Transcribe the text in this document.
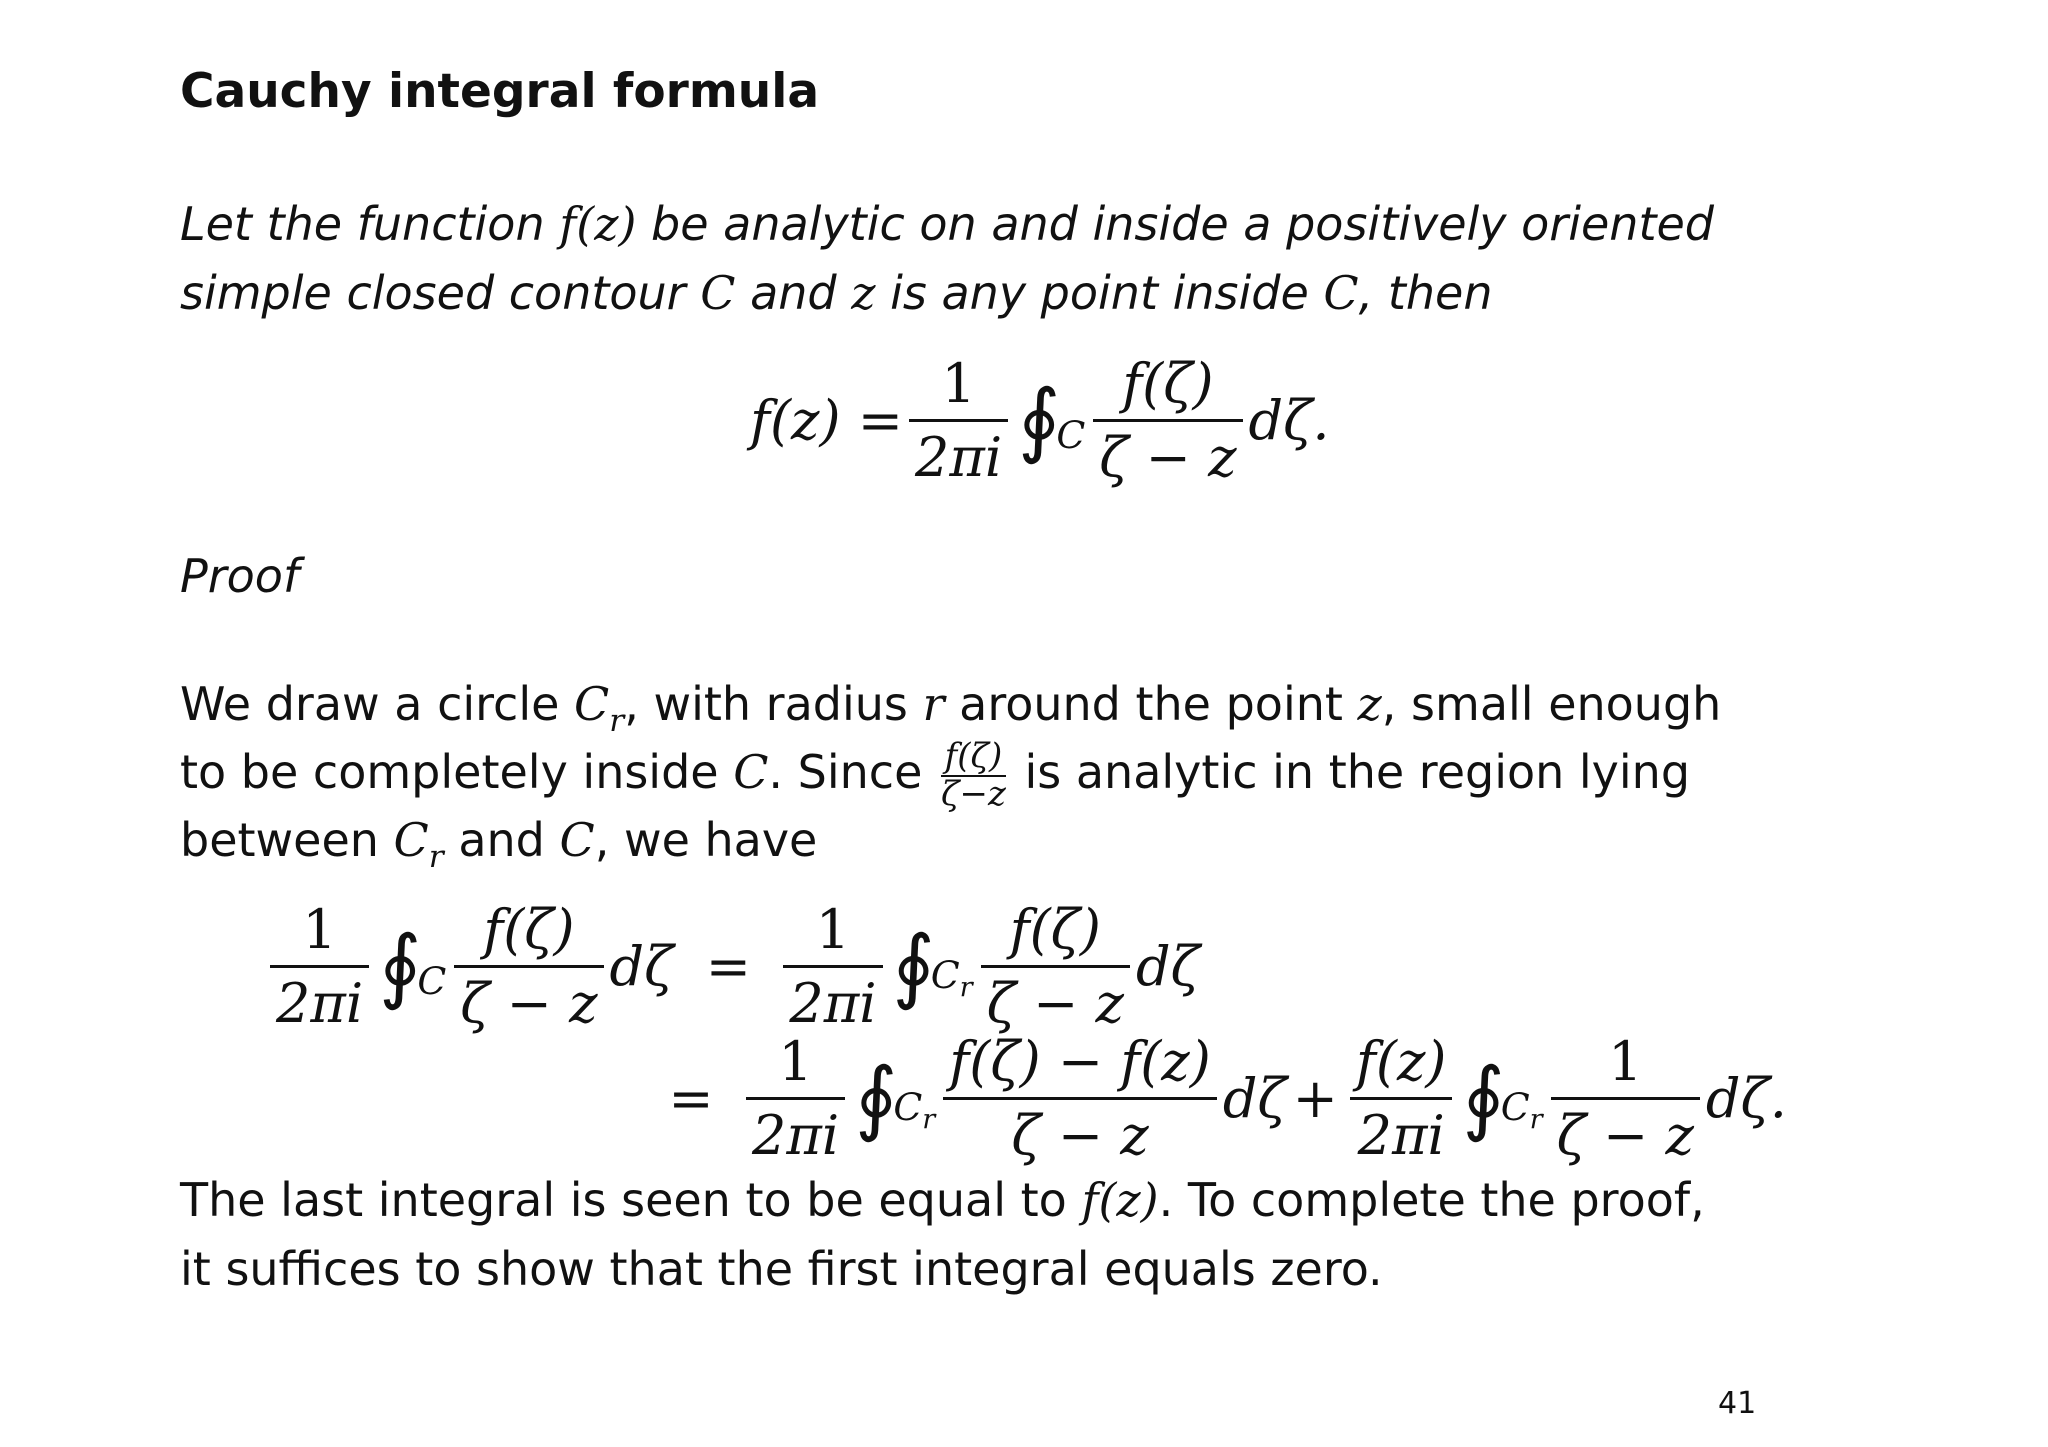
Cauchy integral formula
Let the function f(z) be analytic on and inside a positively oriented
simple closed contour C and z is any point inside C, then
$f(z) = \frac{1}{2\pi i}$ ∮
C $\frac{f(\zeta)}{\zeta - z} d\zeta$.
Proof
We draw a circle $C_r$, with radius r around the point z, small enough
to be completely inside C. Since $\frac{f(\zeta)}{\zeta-z}$ is analytic in the region lying
between $C_r$ and C, we have
$\frac{1}{2\pi i}$ ∮
C $\frac{f(\zeta)}{\zeta - z}$ $d\zeta = \frac{1}{2\pi i}$ ∮
$C_r \frac{f(\zeta)}{\zeta - z}$ dζ
= $\frac{1}{2\pi i}$ ∮
$C_r \frac{f(\zeta) - f(z)}{\zeta - z}$ $d\zeta + \frac{f(z)}{2\pi i}$ ∮
$C_r \frac{1}{\zeta - z} d\zeta$.
The last integral is seen to be equal to f(z). To complete the proof,
it suffices to show that the first integral equals zero.
41
